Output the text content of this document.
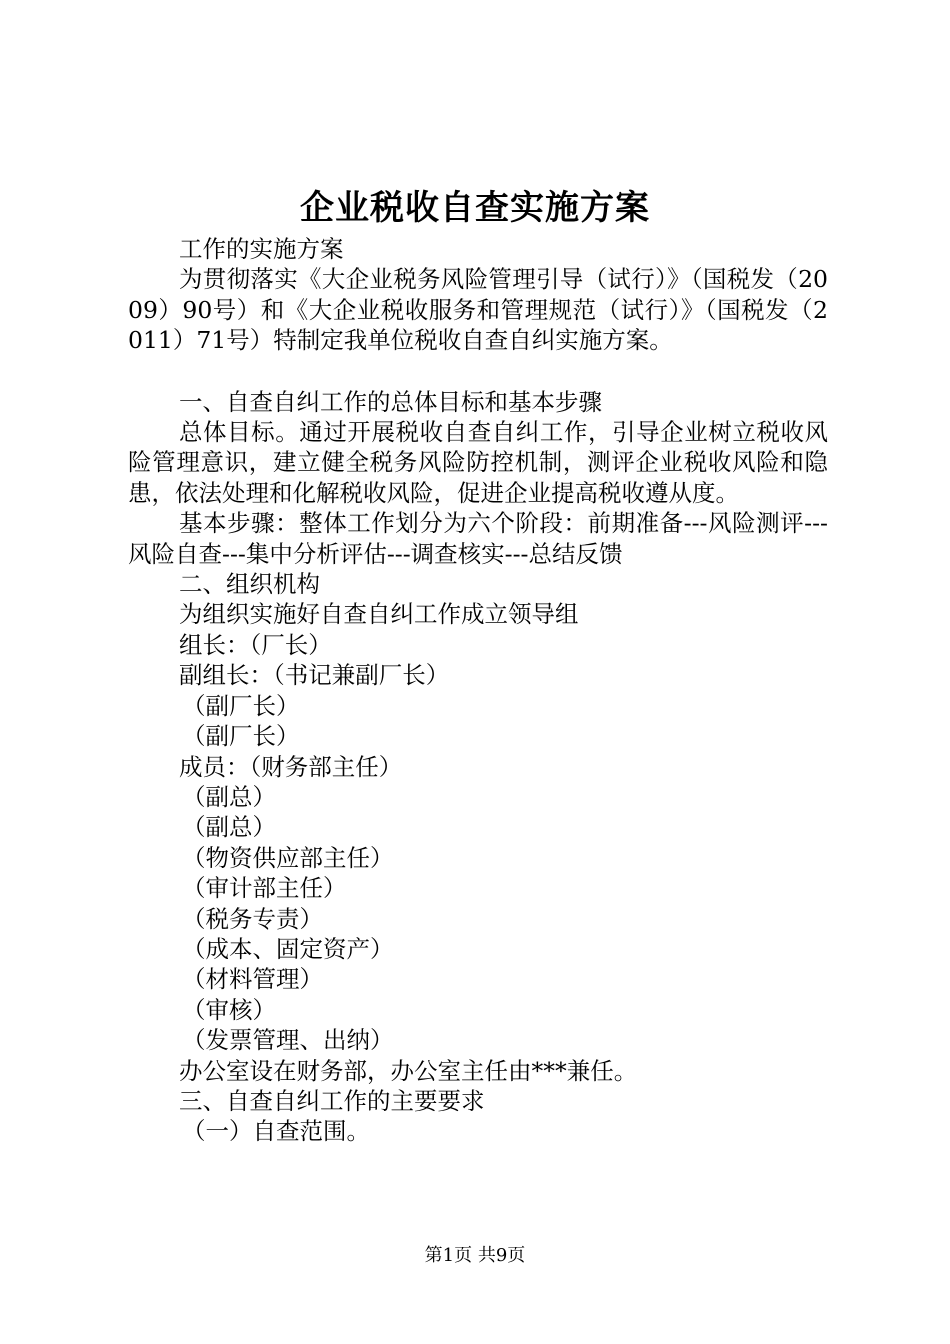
企业税收自查实施方案
工作的实施方案
为贯彻落实《大企业税务风险管理引导（试行）》（国税发（2009）90号）和《大企业税收服务和管理规范（试行）》（国税发（2011）71号）特制定我单位税收自查自纠实施方案。
一、自查自纠工作的总体目标和基本步骤
总体目标。通过开展税收自查自纠工作，引导企业树立税收风险管理意识，建立健全税务风险防控机制，测评企业税收风险和隐患，依法处理和化解税收风险，促进企业提高税收遵从度。
基本步骤：整体工作划分为六个阶段：前期准备---风险测评---风险自查---集中分析评估---调查核实---总结反馈
二、组织机构
为组织实施好自查自纠工作成立领导组
组长：（厂长）
副组长：（书记兼副厂长）
（副厂长）
（副厂长）
成员：（财务部主任）
（副总）
（副总）
（物资供应部主任）
（审计部主任）
（税务专责）
（成本、固定资产）
（材料管理）
（审核）
（发票管理、出纳）
办公室设在财务部，办公室主任由***兼任。
三、自查自纠工作的主要要求
（一）自查范围。
第1页 共9页
